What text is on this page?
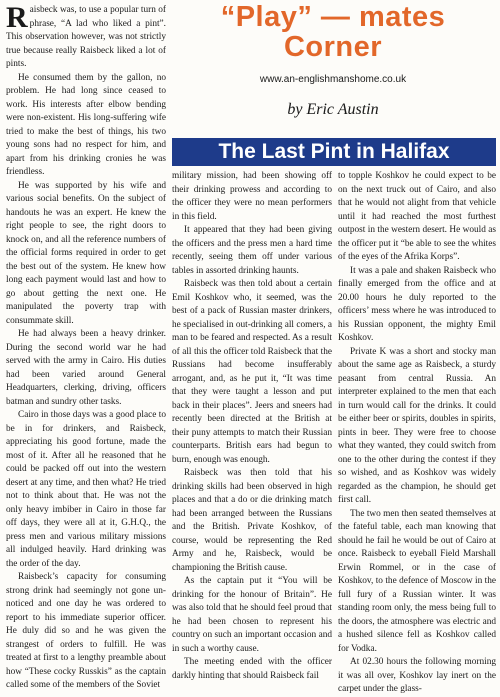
Raisbeck was, to use a popular turn of phrase, “A lad who liked a pint”. This observation however, was not strictly true because really Raisbeck liked a lot of pints.

He consumed them by the gallon, no problem. He had long since ceased to work. His interests after elbow bending were non-existent. His long-suffering wife tried to make the best of things, his two young sons had no respect for him, and apart from his drinking cronies he was friendless.

He was supported by his wife and various social benefits. On the subject of handouts he was an expert. He knew the right people to see, the right doors to knock on, and all the reference numbers of the official forms required in order to get the best out of the system. He knew how long each payment would last and how to go about getting the next one. He manipulated the poverty trap with consummate skill.

He had always been a heavy drinker. During the second world war he had served with the army in Cairo. His duties had been varied around General Headquarters, clerking, driving, officers batman and sundry other tasks.

Cairo in those days was a good place to be in for drinkers, and Raisbeck, appreciating his good fortune, made the most of it. After all he reasoned that he could be packed off out into the western desert at any time, and then what? He tried not to think about that. He was not the only heavy imbiber in Cairo in those far off days, they were all at it, G.H.Q., the press men and various military missions all indulged heavily. Hard drinking was the order of the day.

Raisbeck’s capacity for consuming strong drink had seemingly not gone un-noticed and one day he was ordered to report to his immediate superior officer. He duly did so and he was given the strangest of orders to fulfill. He was treated at first to a lengthy preamble about how “These cocky Russkis” as the captain called some of the members of the Soviet

“Play” — mates
Corner
www.an-englishmanshome.co.uk
by Eric Austin
The Last Pint in Halifax

military mission, had been showing off their drinking prowess and according to the officer they were no mean performers in this field.

It appeared that they had been giving the officers and the press men a hard time recently, seeing them off under various tables in assorted drinking haunts.

Raisbeck was then told about a certain Emil Koshkov who, it seemed, was the best of a pack of Russian master drinkers, he specialised in out-drinking all comers, a man to be feared and respected. As a result of all this the officer told Raisbeck that the Russians had become insufferably arrogant, and, as he put it, “It was time that they were taught a lesson and put back in their places”. Jeers and sneers had recently been directed at the British at their puny attempts to match their Russian counterparts. British ears had begun to burn, enough was enough.

Raisbeck was then told that his drinking skills had been observed in high places and that a do or die drinking match had been arranged between the Russians and the British. Private Koshkov, of course, would be representing the Red Army and he, Raisbeck, would be championing the British cause.

As the captain put it “You will be drinking for the honour of Britain”. He was also told that he should feel proud that he had been chosen to represent his country on such an important occasion and in such a worthy cause.

The meeting ended with the officer darkly hinting that should Raisbeck fail

to topple Koshkov he could expect to be on the next truck out of Cairo, and also that he would not alight from that vehicle until it had reached the most furthest outpost in the western desert. He would as the officer put it “be able to see the whites of the eyes of the Afrika Korps”.

It was a pale and shaken Raisbeck who finally emerged from the office and at 20.00 hours he duly reported to the officers’ mess where he was introduced to his Russian opponent, the mighty Emil Koshkov.

Private K was a short and stocky man about the same age as Raisbeck, a sturdy peasant from central Russia. An interpreter explained to the men that each in turn would call for the drinks. It could be either beer or spirits, doubles in spirits, pints in beer. They were free to choose what they wanted, they could switch from one to the other during the contest if they so wished, and as Koshkov was widely regarded as the champion, he should get first call.

The two men then seated themselves at the fateful table, each man knowing that should he fail he would be out of Cairo at once. Raisbeck to eyeball Field Marshall Erwin Rommel, or in the case of Koshkov, to the defence of Moscow in the full fury of a Russian winter. It was standing room only, the mess being full to the doors, the atmosphere was electric and a hushed silence fell as Koshkov called for Vodka.

At 02.30 hours the following morning it was all over, Koshkov lay inert on the carpet under the glass-
